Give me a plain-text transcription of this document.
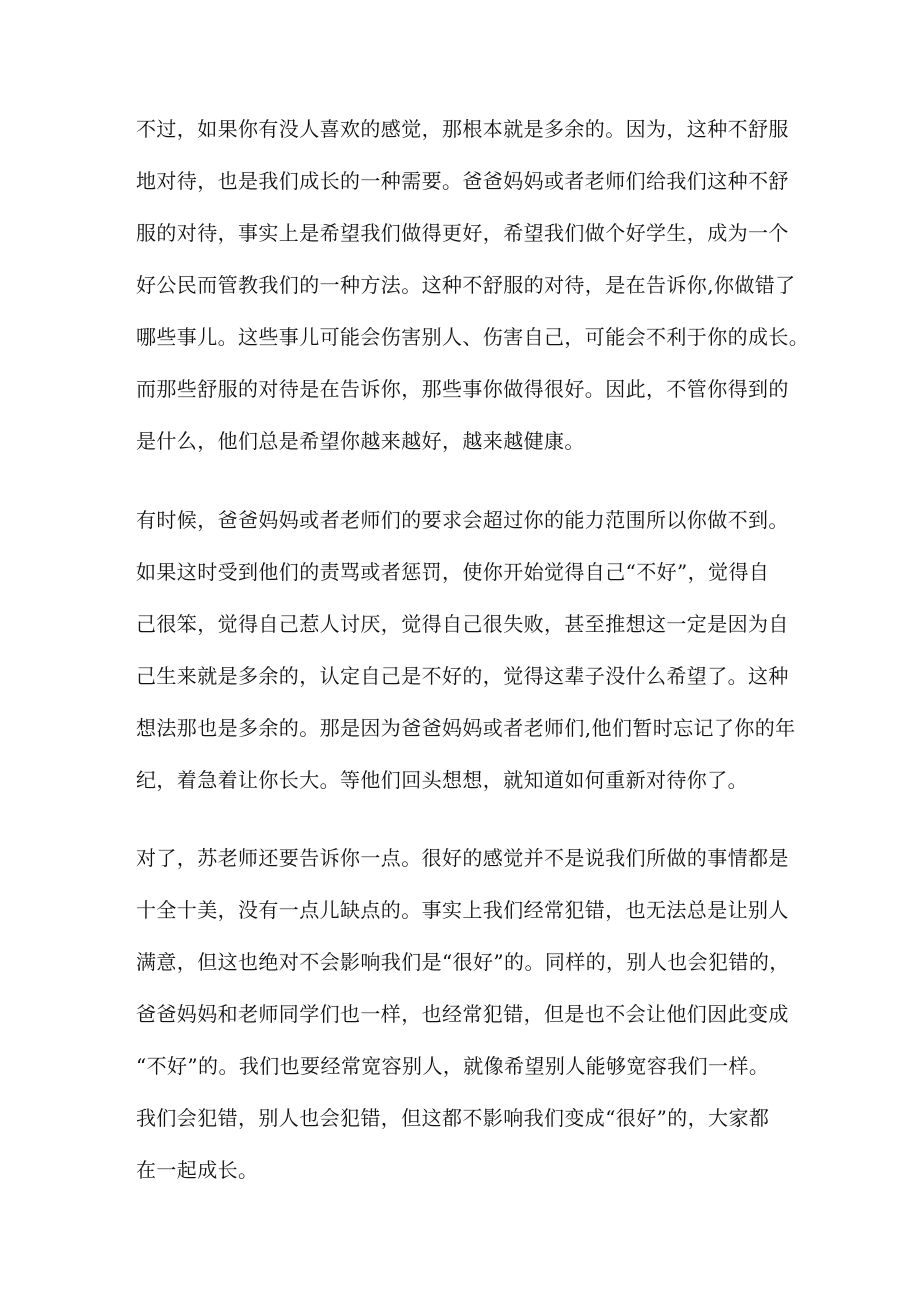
不过，如果你有没人喜欢的感觉，那根本就是多余的。因为，这种不舒服
地对待，也是我们成长的一种需要。爸爸妈妈或者老师们给我们这种不舒
服的对待，事实上是希望我们做得更好，希望我们做个好学生，成为一个
好公民而管教我们的一种方法。这种不舒服的对待，是在告诉你,你做错了
哪些事儿。这些事儿可能会伤害别人、伤害自己，可能会不利于你的成长。
而那些舒服的对待是在告诉你，那些事你做得很好。因此，不管你得到的
是什么，他们总是希望你越来越好，越来越健康。
有时候，爸爸妈妈或者老师们的要求会超过你的能力范围所以你做不到。
如果这时受到他们的责骂或者惩罚，使你开始觉得自己“不好”，觉得自
己很笨，觉得自己惹人讨厌，觉得自己很失败，甚至推想这一定是因为自
己生来就是多余的，认定自己是不好的，觉得这辈子没什么希望了。这种
想法那也是多余的。那是因为爸爸妈妈或者老师们,他们暂时忘记了你的年
纪，着急着让你长大。等他们回头想想，就知道如何重新对待你了。
对了，苏老师还要告诉你一点。很好的感觉并不是说我们所做的事情都是
十全十美，没有一点儿缺点的。事实上我们经常犯错，也无法总是让别人
满意，但这也绝对不会影响我们是“很好”的。同样的，别人也会犯错的，
爸爸妈妈和老师同学们也一样，也经常犯错，但是也不会让他们因此变成
“不好”的。我们也要经常宽容别人，就像希望别人能够宽容我们一样。
我们会犯错，别人也会犯错，但这都不影响我们变成“很好”的，大家都
在一起成长。
